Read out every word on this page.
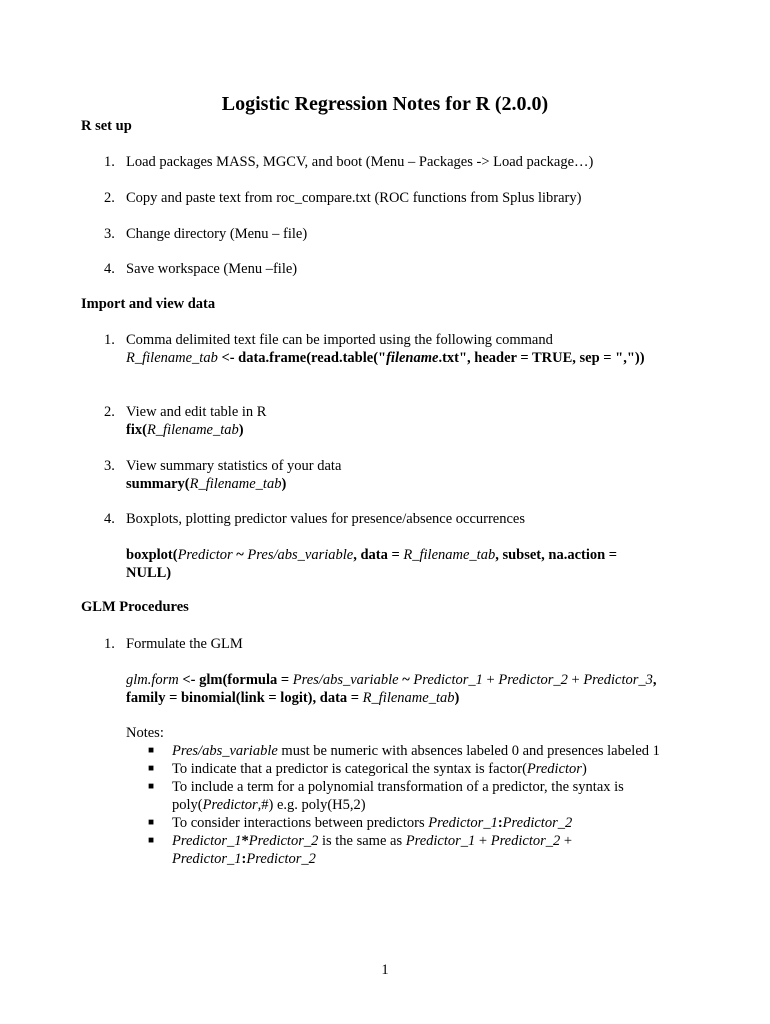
Logistic Regression Notes for R (2.0.0)
R set up
1. Load packages MASS, MGCV, and boot (Menu – Packages -> Load package…)
2. Copy and paste text from roc_compare.txt (ROC functions from Splus library)
3. Change directory (Menu – file)
4. Save workspace (Menu –file)
Import and view data
1. Comma delimited text file can be imported using the following command
R_filename_tab <- data.frame(read.table("filename.txt", header = TRUE, sep = ","))
2. View and edit table in R
fix(R_filename_tab)
3. View summary statistics of your data
summary(R_filename_tab)
4. Boxplots, plotting predictor values for presence/absence occurrences
boxplot(Predictor ~ Pres/abs_variable, data = R_filename_tab, subset, na.action =
NULL)
GLM Procedures
1. Formulate the GLM
glm.form <- glm(formula = Pres/abs_variable ~ Predictor_1 + Predictor_2 + Predictor_3,
family = binomial(link = logit), data = R_filename_tab)
Notes:
■ Pres/abs_variable must be numeric with absences labeled 0 and presences labeled 1
■ To indicate that a predictor is categorical the syntax is factor(Predictor)
■ To include a term for a polynomial transformation of a predictor, the syntax is poly(Predictor,#) e.g. poly(H5,2)
■ To consider interactions between predictors Predictor_1:Predictor_2
■ Predictor_1*Predictor_2 is the same as Predictor_1 + Predictor_2 +
Predictor_1:Predictor_2
1
